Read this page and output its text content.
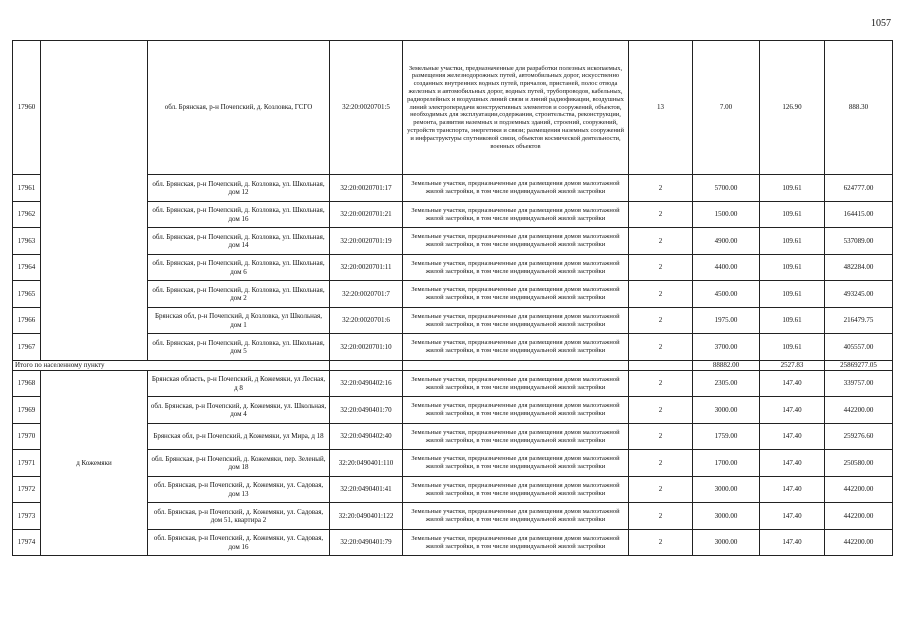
1057
17960		обл. Брянская, р-н Почепский, д. Козловка, ГСГО	32:20:0020701:5	Земельные участки, предназначенные для разработки полезных ископаемых, размещения железнодорожных путей, автомобильных дорог, искусственно созданных внутренних водных путей, причалов, пристаней, полос отвода железных и автомобильных дорог, водных путей, трубопроводов, кабельных, радиорелейных и воздушных линий связи и линий радиофикации, воздушных линий электропередачи конструктивных элементов и сооружений, объектов, необходимых для эксплуатации,содержания, строительства, реконструкции, ремонта, развития наземных и подземных зданий, строений, сооружений, устройств транспорта, энергетики и связи; размещения наземных сооружений и инфраструктуры спутниковой связи, объектов космической деятельности, военных объектов	13	7.00	126.90	888.30
17961		обл. Брянская, р-н Почепский, д. Козловка, ул. Школьная, дом 12	32:20:0020701:17	Земельные участки, предназначенные для размещения домов малоэтажной жилой застройки, в том числе индивидуальной жилой застройки	2	5700.00	109.61	624777.00
17962		обл. Брянская, р-н Почепский, д. Козловка, ул. Школьная, дом 16	32:20:0020701:21	Земельные участки, предназначенные для размещения домов малоэтажной жилой застройки, в том числе индивидуальной жилой застройки	2	1500.00	109.61	164415.00
17963		обл. Брянская, р-н Почепский, д. Козловка, ул. Школьная, дом 14	32:20:0020701:19	Земельные участки, предназначенные для размещения домов малоэтажной жилой застройки, в том числе индивидуальной жилой застройки	2	4900.00	109.61	537089.00
17964		обл. Брянская, р-н Почепский, д. Козловка, ул. Школьная, дом 6	32:20:0020701:11	Земельные участки, предназначенные для размещения домов малоэтажной жилой застройки, в том числе индивидуальной жилой застройки	2	4400.00	109.61	482284.00
17965		обл. Брянская, р-н Почепский, д. Козловка, ул. Школьная, дом 2	32:20:0020701:7	Земельные участки, предназначенные для размещения домов малоэтажной жилой застройки, в том числе индивидуальной жилой застройки	2	4500.00	109.61	493245.00
17966		Брянская обл, р-н Почепский, д Козловка, ул Школьная, дом 1	32:20:0020701:6	Земельные участки, предназначенные для размещения домов малоэтажной жилой застройки, в том числе индивидуальной жилой застройки	2	1975.00	109.61	216479.75
17967		обл. Брянская, р-н Почепский, д. Козловка, ул. Школьная, дом 5	32:20:0020701:10	Земельные участки, предназначенные для размещения домов малоэтажной жилой застройки, в том числе индивидуальной жилой застройки	2	3700.00	109.61	405557.00
Итого по населенному пункту						88882.00	2527.83	25869277.05
17968	д Кожемяки	Брянская область, р-н Почепский, д Кожемяки, ул Лесная, д 8	32:20:0490402:16	Земельные участки, предназначенные для размещения домов малоэтажной жилой застройки, в том числе индивидуальной жилой застройки	2	2305.00	147.40	339757.00
17969		обл. Брянская, р-н Почепский, д. Кожемяки, ул. Школьная, дом 4	32:20:0490401:70	Земельные участки, предназначенные для размещения домов малоэтажной жилой застройки, в том числе индивидуальной жилой застройки	2	3000.00	147.40	442200.00
17970		Брянская обл, р-н Почепский, д Кожемяки, ул Мира, д 18	32:20:0490402:40	Земельные участки, предназначенные для размещения домов малоэтажной жилой застройки, в том числе индивидуальной жилой застройки	2	1759.00	147.40	259276.60
17971		обл. Брянская, р-н Почепский, д. Кожемяки, пер. Зеленый, дом 18	32:20:0490401:110	Земельные участки, предназначенные для размещения домов малоэтажной жилой застройки, в том числе индивидуальной жилой застройки	2	1700.00	147.40	250580.00
17972		обл. Брянская, р-н Почепский, д. Кожемяки, ул. Садовая, дом 13	32:20:0490401:41	Земельные участки, предназначенные для размещения домов малоэтажной жилой застройки, в том числе индивидуальной жилой застройки	2	3000.00	147.40	442200.00
17973		обл. Брянская, р-н Почепский, д. Кожемяки, ул. Садовая, дом 51, квартира 2	32:20:0490401:122	Земельные участки, предназначенные для размещения домов малоэтажной жилой застройки, в том числе индивидуальной жилой застройки	2	3000.00	147.40	442200.00
17974		обл. Брянская, р-н Почепский, д. Кожемяки, ул. Садовая, дом 16	32:20:0490401:79	Земельные участки, предназначенные для размещения домов малоэтажной жилой застройки, в том числе индивидуальной жилой застройки	2	3000.00	147.40	442200.00
